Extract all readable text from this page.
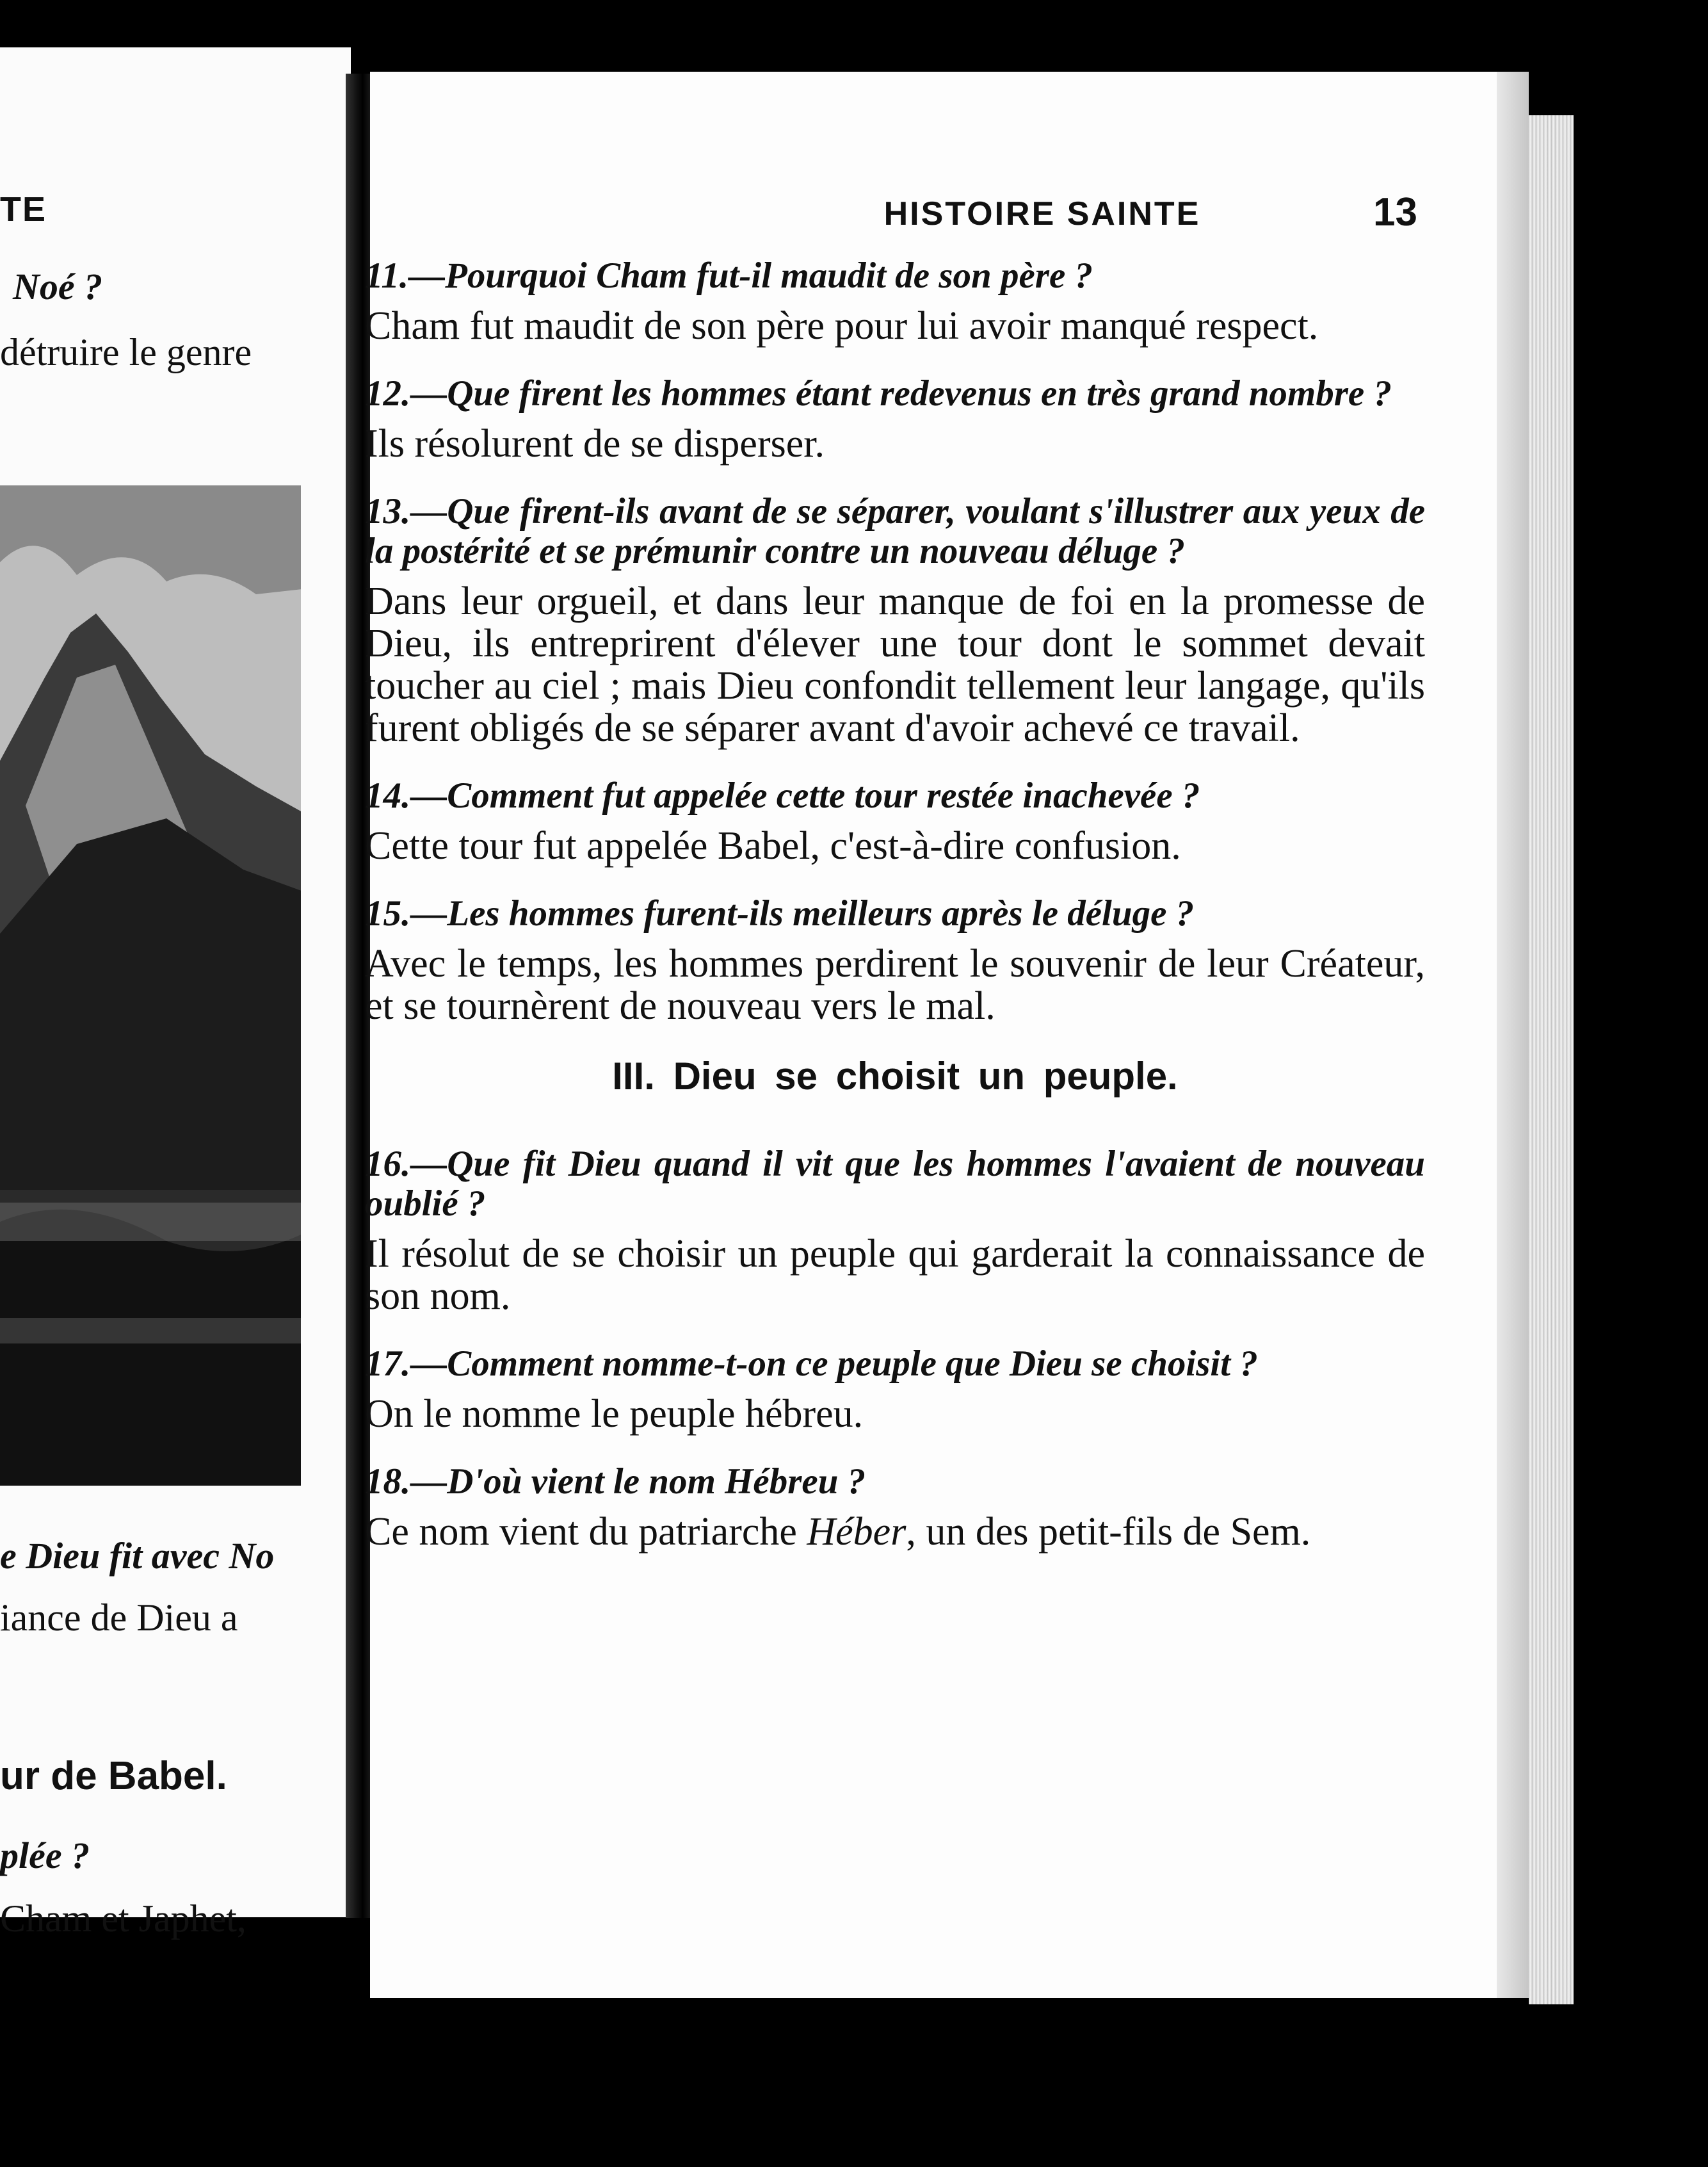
TE
Noé ?
détruire le genre
e Dieu fit avec No
iance de Dieu a
ur de Babel.
plée ?
Cham et Japhet,
HISTOIRE SAINTE	13

11.—Pourquoi Cham fut-il maudit de son père ?

Cham fut maudit de son père pour lui avoir manqué respect.

12.—Que firent les hommes étant redevenus en très grand nombre ?

Ils résolurent de se disperser.

13.—Que firent-ils avant de se séparer, voulant s'illustrer aux yeux de la postérité et se prémunir contre un nouveau déluge ?

Dans leur orgueil, et dans leur manque de foi en la promesse de Dieu, ils entreprirent d'élever une tour dont le sommet devait toucher au ciel ; mais Dieu confondit tellement leur langage, qu'ils furent obligés de se séparer avant d'avoir achevé ce travail.

14.—Comment fut appelée cette tour restée inachevée ?

Cette tour fut appelée Babel, c'est-à-dire confusion.

15.—Les hommes furent-ils meilleurs après le déluge ?

Avec le temps, les hommes perdirent le souvenir de leur Créateur, et se tournèrent de nouveau vers le mal.

III. Dieu se choisit un peuple.

16.—Que fit Dieu quand il vit que les hommes l'avaient de nouveau oublié ?

Il résolut de se choisir un peuple qui garderait la connaissance de son nom.

17.—Comment nomme-t-on ce peuple que Dieu se choisit ?

On le nomme le peuple hébreu.

18.—D'où vient le nom Hébreu ?

Ce nom vient du patriarche Héber, un des petit-fils de Sem.
